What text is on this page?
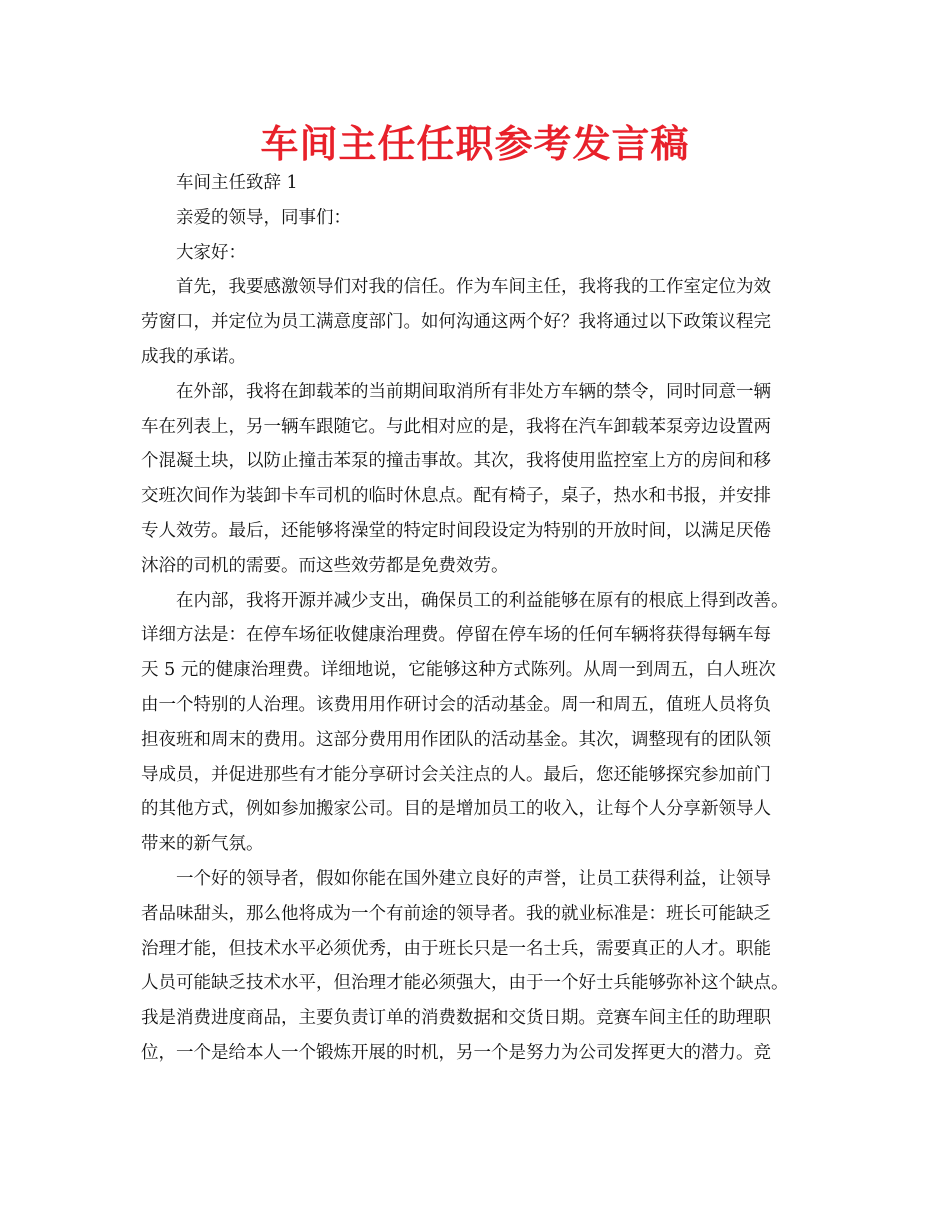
车间主任任职参考发言稿
车间主任致辞 1
亲爱的领导，同事们：
大家好：
首先，我要感激领导们对我的信任。作为车间主任，我将我的工作室定位为效
劳窗口，并定位为员工满意度部门。如何沟通这两个好？我将通过以下政策议程完
成我的承诺。
在外部，我将在卸载苯的当前期间取消所有非处方车辆的禁令，同时同意一辆
车在列表上，另一辆车跟随它。与此相对应的是，我将在汽车卸载苯泵旁边设置两
个混凝土块，以防止撞击苯泵的撞击事故。其次，我将使用监控室上方的房间和移
交班次间作为装卸卡车司机的临时休息点。配有椅子，桌子，热水和书报，并安排
专人效劳。最后，还能够将澡堂的特定时间段设定为特别的开放时间，以满足厌倦
沐浴的司机的需要。而这些效劳都是免费效劳。
在内部，我将开源并减少支出，确保员工的利益能够在原有的根底上得到改善。
详细方法是：在停车场征收健康治理费。停留在停车场的任何车辆将获得每辆车每
天 5 元的健康治理费。详细地说，它能够这种方式陈列。从周一到周五，白人班次
由一个特别的人治理。该费用用作研讨会的活动基金。周一和周五，值班人员将负
担夜班和周末的费用。这部分费用用作团队的活动基金。其次，调整现有的团队领
导成员，并促进那些有才能分享研讨会关注点的人。最后，您还能够探究参加前门
的其他方式，例如参加搬家公司。目的是增加员工的收入，让每个人分享新领导人
带来的新气氛。
一个好的领导者，假如你能在国外建立良好的声誉，让员工获得利益，让领导
者品味甜头，那么他将成为一个有前途的领导者。我的就业标准是：班长可能缺乏
治理才能，但技术水平必须优秀，由于班长只是一名士兵，需要真正的人才。职能
人员可能缺乏技术水平，但治理才能必须强大，由于一个好士兵能够弥补这个缺点。
我是消费进度商品，主要负责订单的消费数据和交货日期。竞赛车间主任的助理职
位，一个是给本人一个锻炼开展的时机，另一个是努力为公司发挥更大的潜力。竞
